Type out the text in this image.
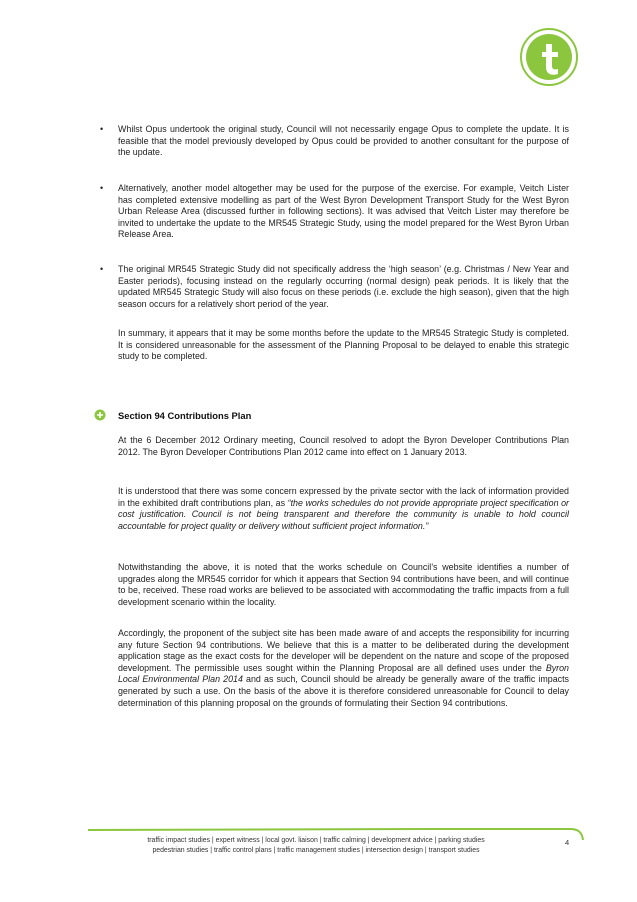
• Whilst Opus undertook the original study, Council will not necessarily engage Opus to complete the update. It is feasible that the model previously developed by Opus could be provided to another consultant for the purpose of the update.

• Alternatively, another model altogether may be used for the purpose of the exercise. For example, Veitch Lister has completed extensive modelling as part of the West Byron Development Transport Study for the West Byron Urban Release Area (discussed further in following sections). It was advised that Veitch Lister may therefore be invited to undertake the update to the MR545 Strategic Study, using the model prepared for the West Byron Urban Release Area.

• The original MR545 Strategic Study did not specifically address the ‘high season’ (e.g. Christmas / New Year and Easter periods), focusing instead on the regularly occurring (normal design) peak periods. It is likely that the updated MR545 Strategic Study will also focus on these periods (i.e. exclude the high season), given that the high season occurs for a relatively short period of the year.

In summary, it appears that it may be some months before the update to the MR545 Strategic Study is completed. It is considered unreasonable for the assessment of the Planning Proposal to be delayed to enable this strategic study to be completed.

Section 94 Contributions Plan

At the 6 December 2012 Ordinary meeting, Council resolved to adopt the Byron Developer Contributions Plan 2012. The Byron Developer Contributions Plan 2012 came into effect on 1 January 2013.

It is understood that there was some concern expressed by the private sector with the lack of information provided in the exhibited draft contributions plan, as “the works schedules do not provide appropriate project specification or cost justification. Council is not being transparent and therefore the community is unable to hold council accountable for project quality or delivery without sufficient project information.”

Notwithstanding the above, it is noted that the works schedule on Council’s website identifies a number of upgrades along the MR545 corridor for which it appears that Section 94 contributions have been, and will continue to be, received. These road works are believed to be associated with accommodating the traffic impacts from a full development scenario within the locality.

Accordingly, the proponent of the subject site has been made aware of and accepts the responsibility for incurring any future Section 94 contributions. We believe that this is a matter to be deliberated during the development application stage as the exact costs for the developer will be dependent on the nature and scope of the proposed development. The permissible uses sought within the Planning Proposal are all defined uses under the Byron Local Environmental Plan 2014 and as such, Council should be already be generally aware of the traffic impacts generated by such a use. On the basis of the above it is therefore considered unreasonable for Council to delay determination of this planning proposal on the grounds of formulating their Section 94 contributions.

traffic impact studies | expert witness | local govt. liaison | traffic calming | development advice | parking studies
pedestrian studies | traffic control plans | traffic management studies | intersection design | transport studies
4
